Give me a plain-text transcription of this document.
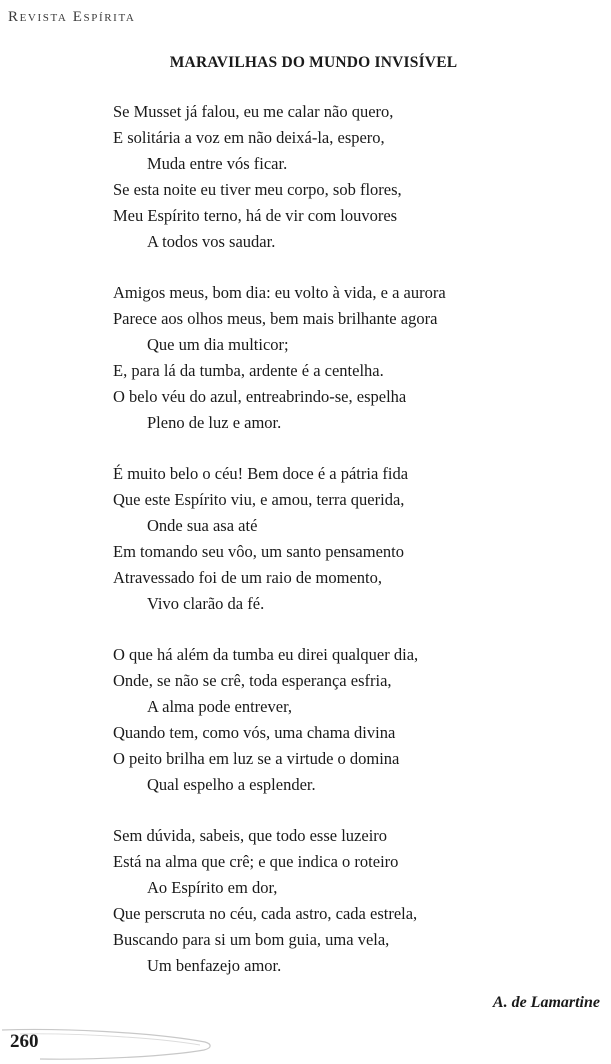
Revista Espírita
MARAVILHAS DO MUNDO INVISÍVEL
Se Musset já falou, eu me calar não quero,
E solitária a voz em não deixá-la, espero,
Muda entre vós ficar.
Se esta noite eu tiver meu corpo, sob flores,
Meu Espírito terno, há de vir com louvores
A todos vos saudar.
Amigos meus, bom dia: eu volto à vida, e a aurora
Parece aos olhos meus, bem mais brilhante agora
Que um dia multicor;
E, para lá da tumba, ardente é a centelha.
O belo véu do azul, entreabrindo-se, espelha
Pleno de luz e amor.
É muito belo o céu! Bem doce é a pátria fida
Que este Espírito viu, e amou, terra querida,
Onde sua asa até
Em tomando seu vôo, um santo pensamento
Atravessado foi de um raio de momento,
Vivo clarão da fé.
O que há além da tumba eu direi qualquer dia,
Onde, se não se crê, toda esperança esfria,
A alma pode entrever,
Quando tem, como vós, uma chama divina
O peito brilha em luz se a virtude o domina
Qual espelho a esplender.
Sem dúvida, sabeis, que todo esse luzeiro
Está na alma que crê; e que indica o roteiro
Ao Espírito em dor,
Que perscruta no céu, cada astro, cada estrela,
Buscando para si um bom guia, uma vela,
Um benfazejo amor.
A. de Lamartine
260
